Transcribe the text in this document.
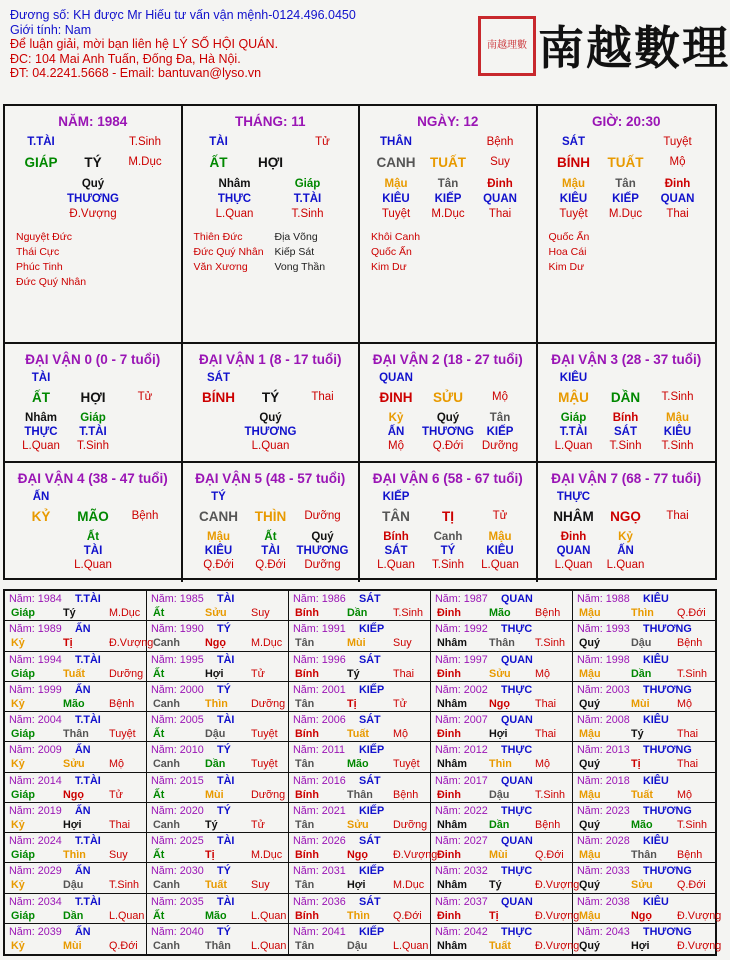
Đương số: KH được Mr Hiếu tư vấn vận mệnh-0124.496.0450
Giới tính: Nam
Để luận giải, mời bạn liên hệ LÝ SỐ HỘI QUÁN.
ĐC: 104 Mai Anh Tuấn, Đống Đa, Hà Nội.
ĐT: 04.2241.5668 - Email: bantuvan@lyso.vn
南越理數 南越數理
NĂM: 1984
T.TÀI	T.Sinh
GIÁP TÝ M.Dục
Quý
THƯƠNG
Đ.Vượng
Nguyệt Đức
Thái Cực
Phúc Tinh
Đức Quý Nhân
THÁNG: 11
TÀI	Tử
ẤT HỢI
Nhâm	Giáp
THỰC	T.TÀI
L.Quan	T.Sinh
Thiên Đức
Đức Quý Nhân
Văn Xương
Địa Võng
Kiếp Sát
Vong Thần
NGÀY: 12
THÂN	Bệnh
CANH TUẤT Suy
Mậu	Tân	Đinh
KIÊU KIẾP QUAN
Tuyệt M.Dục Thai
Khôi Canh
Quốc Ấn
Kim Dư
GIỜ: 20:30
SÁT	Tuyệt
BÍNH TUẤT Mộ
Mậu	Tân	Đinh
KIÊU KIẾP QUAN
Tuyệt M.Dục Thai
Quốc Ấn
Hoa Cái
Kim Dư
ĐẠI VẬN 0 (0 - 7 tuổi)
TÀI
ẤT HỢI	Tử
Nhâm Giáp
THỰC T.TÀI
L.Quan T.Sinh
ĐẠI VẬN 1 (8 - 17 tuổi)
SÁT
BÍNH TÝ	Thai
Quý
THƯƠNG
L.Quan
ĐẠI VẬN 2 (18 - 27 tuổi)
QUAN
ĐINH SỬU	Mộ
Kỷ	Quý	Tân
ẤN THƯƠNG KIẾP
Mộ Q.Đới Dưỡng
ĐẠI VẬN 3 (28 - 37 tuổi)
KIÊU
MẬU DẦN T.Sinh
Giáp Bính Mậu
T.TÀI SÁT KIÊU
L.Quan T.Sinh T.Sinh
ĐẠI VẬN 4 (38 - 47 tuổi)
ẤN
KỶ MÃO Bệnh
Ất
TÀI
L.Quan
ĐẠI VẬN 5 (48 - 57 tuổi)
TÝ
CANH THÌN Dưỡng
Mậu	Ất	Quý
KIÊU	TÀI THƯƠNG
Q.Đới Q.Đới Dưỡng
ĐẠI VẬN 6 (58 - 67 tuổi)
KIẾP
TÂN TỊ	Tử
Bính Canh Mậu
SÁT	TÝ	KIÊU
L.Quan T.Sinh L.Quan
ĐẠI VẬN 7 (68 - 77 tuổi)
THỰC
NHÂM NGỌ Thai
Đinh	Kỷ
QUAN ẤN
L.Quan L.Quan
Năm: 1984 T.TÀI
Giáp	Tý	M.Dục
Năm: 1985 TÀI
Ất	Sửu Suy
Năm: 1986 SÁT
Bính	Dần T.Sinh
Năm: 1987 QUAN
Đinh	Mão Bệnh
Năm: 1988 KIÊU
Mậu	Thìn Q.Đới
Năm: 1989 ẤN
Kỷ	Tị	Đ.Vượng
Năm: 1990 TÝ
Canh Ngọ M.Dục
Năm: 1991 KIẾP
Tân	Mùi	Suy
Năm: 1992 THỰC
Nhâm Thân T.Sinh
Năm: 1993 THƯƠNG
Quý	Dậu Bệnh
Năm: 1994 T.TÀI
Giáp	Tuất Dưỡng
Năm: 1995 TÀI
Ất	Hợi	Tử
Năm: 1996 SÁT
Bính	Tý	Thai
Năm: 1997 QUAN
Đinh	Sửu Mộ
Năm: 1998 KIÊU
Mậu	Dần T.Sinh
Năm: 1999 ẤN
Kỷ	Mão Bệnh
Năm: 2000 TÝ
Canh Thìn Dưỡng
Năm: 2001 KIẾP
Tân	Tị	Tử
Năm: 2002 THỰC
Nhâm Ngọ Thai
Năm: 2003 THƯƠNG
Quý	Mùi	Mộ
Năm: 2004 T.TÀI
Giáp	Thân Tuyệt
Năm: 2005 TÀI
Ất	Dậu Tuyệt
Năm: 2006 SÁT
Bính	Tuất Mộ
Năm: 2007 QUAN
Đinh	Hợi	Thai
Năm: 2008 KIÊU
Mậu	Tý	Thai
Năm: 2009 ẤN
Kỷ	Sửu Mộ
Năm: 2010 TÝ
Canh Dần Tuyệt
Năm: 2011 KIẾP
Tân	Mão Tuyệt
Năm: 2012 THỰC
Nhâm Thìn Mộ
Năm: 2013 THƯƠNG
Quý	Tị	Thai
Năm: 2014 T.TÀI
Giáp	Ngọ Tử
Năm: 2015 TÀI
Ất	Mùi	Dưỡng
Năm: 2016 SÁT
Bính	Thân Bệnh
Năm: 2017 QUAN
Đinh	Dậu T.Sinh
Năm: 2018 KIÊU
Mậu	Tuất Mộ
Năm: 2019 ẤN
Kỷ	Hợi	Thai
Năm: 2020 TÝ
Canh Tý	Tử
Năm: 2021 KIẾP
Tân	Sửu Dưỡng
Năm: 2022 THỰC
Nhâm Dần Bệnh
Năm: 2023 THƯƠNG
Quý	Mão T.Sinh
Năm: 2024 T.TÀI
Giáp	Thìn Suy
Năm: 2025 TÀI
Ất	Tị	M.Dục
Năm: 2026 SÁT
Bính	Ngọ Đ.Vượng
Năm: 2027 QUAN
Đinh	Mùi	Q.Đới
Năm: 2028 KIÊU
Mậu	Thân Bệnh
Năm: 2029 ẤN
Kỷ	Dậu T.Sinh
Năm: 2030 TÝ
Canh Tuất Suy
Năm: 2031 KIẾP
Tân	Hợi	M.Dục
Năm: 2032 THỰC
Nhâm Tý	Đ.Vượng
Năm: 2033 THƯƠNG
Quý	Sửu Q.Đới
Năm: 2034 T.TÀI
Giáp	Dần L.Quan
Năm: 2035 TÀI
Ất	Mão L.Quan
Năm: 2036 SÁT
Bính	Thìn Q.Đới
Năm: 2037 QUAN
Đinh	Tị	Đ.Vượng
Năm: 2038 KIÊU
Mậu	Ngọ Đ.Vượng
Năm: 2039 ẤN
Kỷ	Mùi	Q.Đới
Năm: 2040 TÝ
Canh Thân L.Quan
Năm: 2041 KIẾP
Tân	Dậu L.Quan
Năm: 2042 THỰC
Nhâm Tuất Đ.Vượng
Năm: 2043 THƯƠNG
Quý	Hợi	Đ.Vượng
